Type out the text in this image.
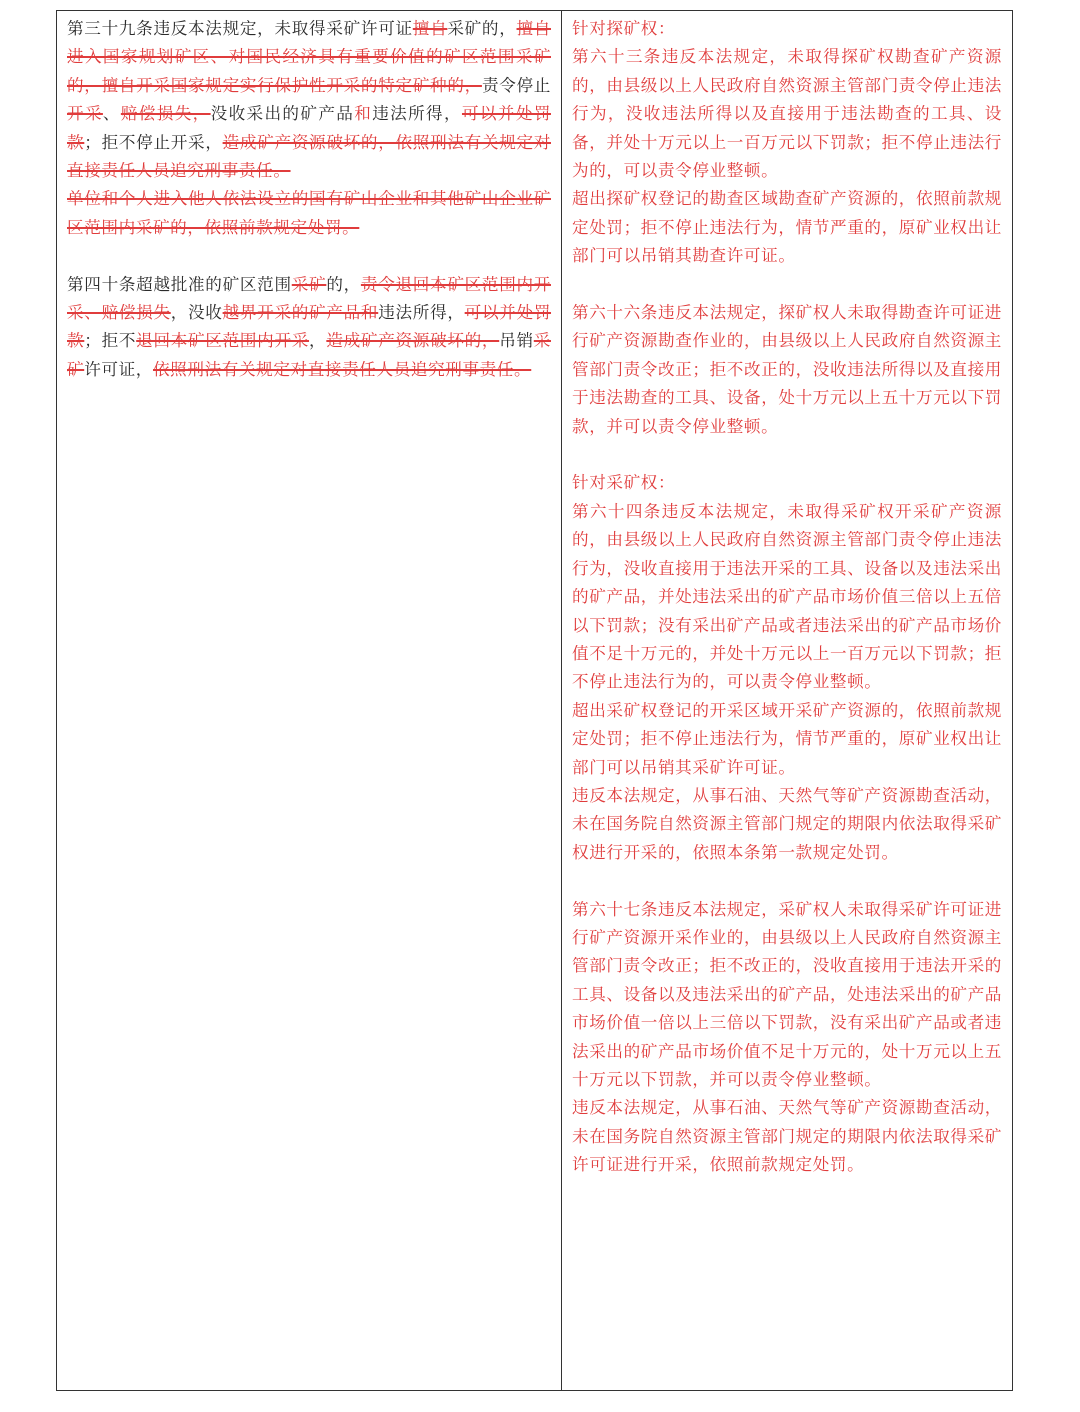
第三十九条违反本法规定，未取得采矿许可证擅自采矿的，擅自进入国家规划矿区、对国民经济具有重要价值的矿区范围采矿的，擅自开采国家规定实行保护性开采的特定矿种的，责令停止开采、赔偿损失，没收采出的矿产品和违法所得，可以并处罚款；拒不停止开采，造成矿产资源破坏的，依照刑法有关规定对直接责任人员追究刑事责任。

单位和个人进入他人依法设立的国有矿山企业和其他矿山企业矿区范围内采矿的，依照前款规定处罚。

第四十条超越批准的矿区范围采矿的，责令退回本矿区范围内开采、赔偿损失，没收越界开采的矿产品和违法所得，可以并处罚款；拒不退回本矿区范围内开采，造成矿产资源破坏的，吊销采矿许可证，依照刑法有关规定对直接责任人员追究刑事责任。

针对探矿权：

第六十三条违反本法规定，未取得探矿权勘查矿产资源的，由县级以上人民政府自然资源主管部门责令停止违法行为，没收违法所得以及直接用于违法勘查的工具、设备，并处十万元以上一百万元以下罚款；拒不停止违法行为的，可以责令停业整顿。

超出探矿权登记的勘查区域勘查矿产资源的，依照前款规定处罚；拒不停止违法行为，情节严重的，原矿业权出让部门可以吊销其勘查许可证。

第六十六条违反本法规定，探矿权人未取得勘查许可证进行矿产资源勘查作业的，由县级以上人民政府自然资源主管部门责令改正；拒不改正的，没收违法所得以及直接用于违法勘查的工具、设备，处十万元以上五十万元以下罚款，并可以责令停业整顿。

针对采矿权：

第六十四条违反本法规定，未取得采矿权开采矿产资源的，由县级以上人民政府自然资源主管部门责令停止违法行为，没收直接用于违法开采的工具、设备以及违法采出的矿产品，并处违法采出的矿产品市场价值三倍以上五倍以下罚款；没有采出矿产品或者违法采出的矿产品市场价值不足十万元的，并处十万元以上一百万元以下罚款；拒不停止违法行为的，可以责令停业整顿。

超出采矿权登记的开采区域开采矿产资源的，依照前款规定处罚；拒不停止违法行为，情节严重的，原矿业权出让部门可以吊销其采矿许可证。

违反本法规定，从事石油、天然气等矿产资源勘查活动，未在国务院自然资源主管部门规定的期限内依法取得采矿权进行开采的，依照本条第一款规定处罚。

第六十七条违反本法规定，采矿权人未取得采矿许可证进行矿产资源开采作业的，由县级以上人民政府自然资源主管部门责令改正；拒不改正的，没收直接用于违法开采的工具、设备以及违法采出的矿产品，处违法采出的矿产品市场价值一倍以上三倍以下罚款，没有采出矿产品或者违法采出的矿产品市场价值不足十万元的，处十万元以上五十万元以下罚款，并可以责令停业整顿。

违反本法规定，从事石油、天然气等矿产资源勘查活动，未在国务院自然资源主管部门规定的期限内依法取得采矿许可证进行开采，依照前款规定处罚。
